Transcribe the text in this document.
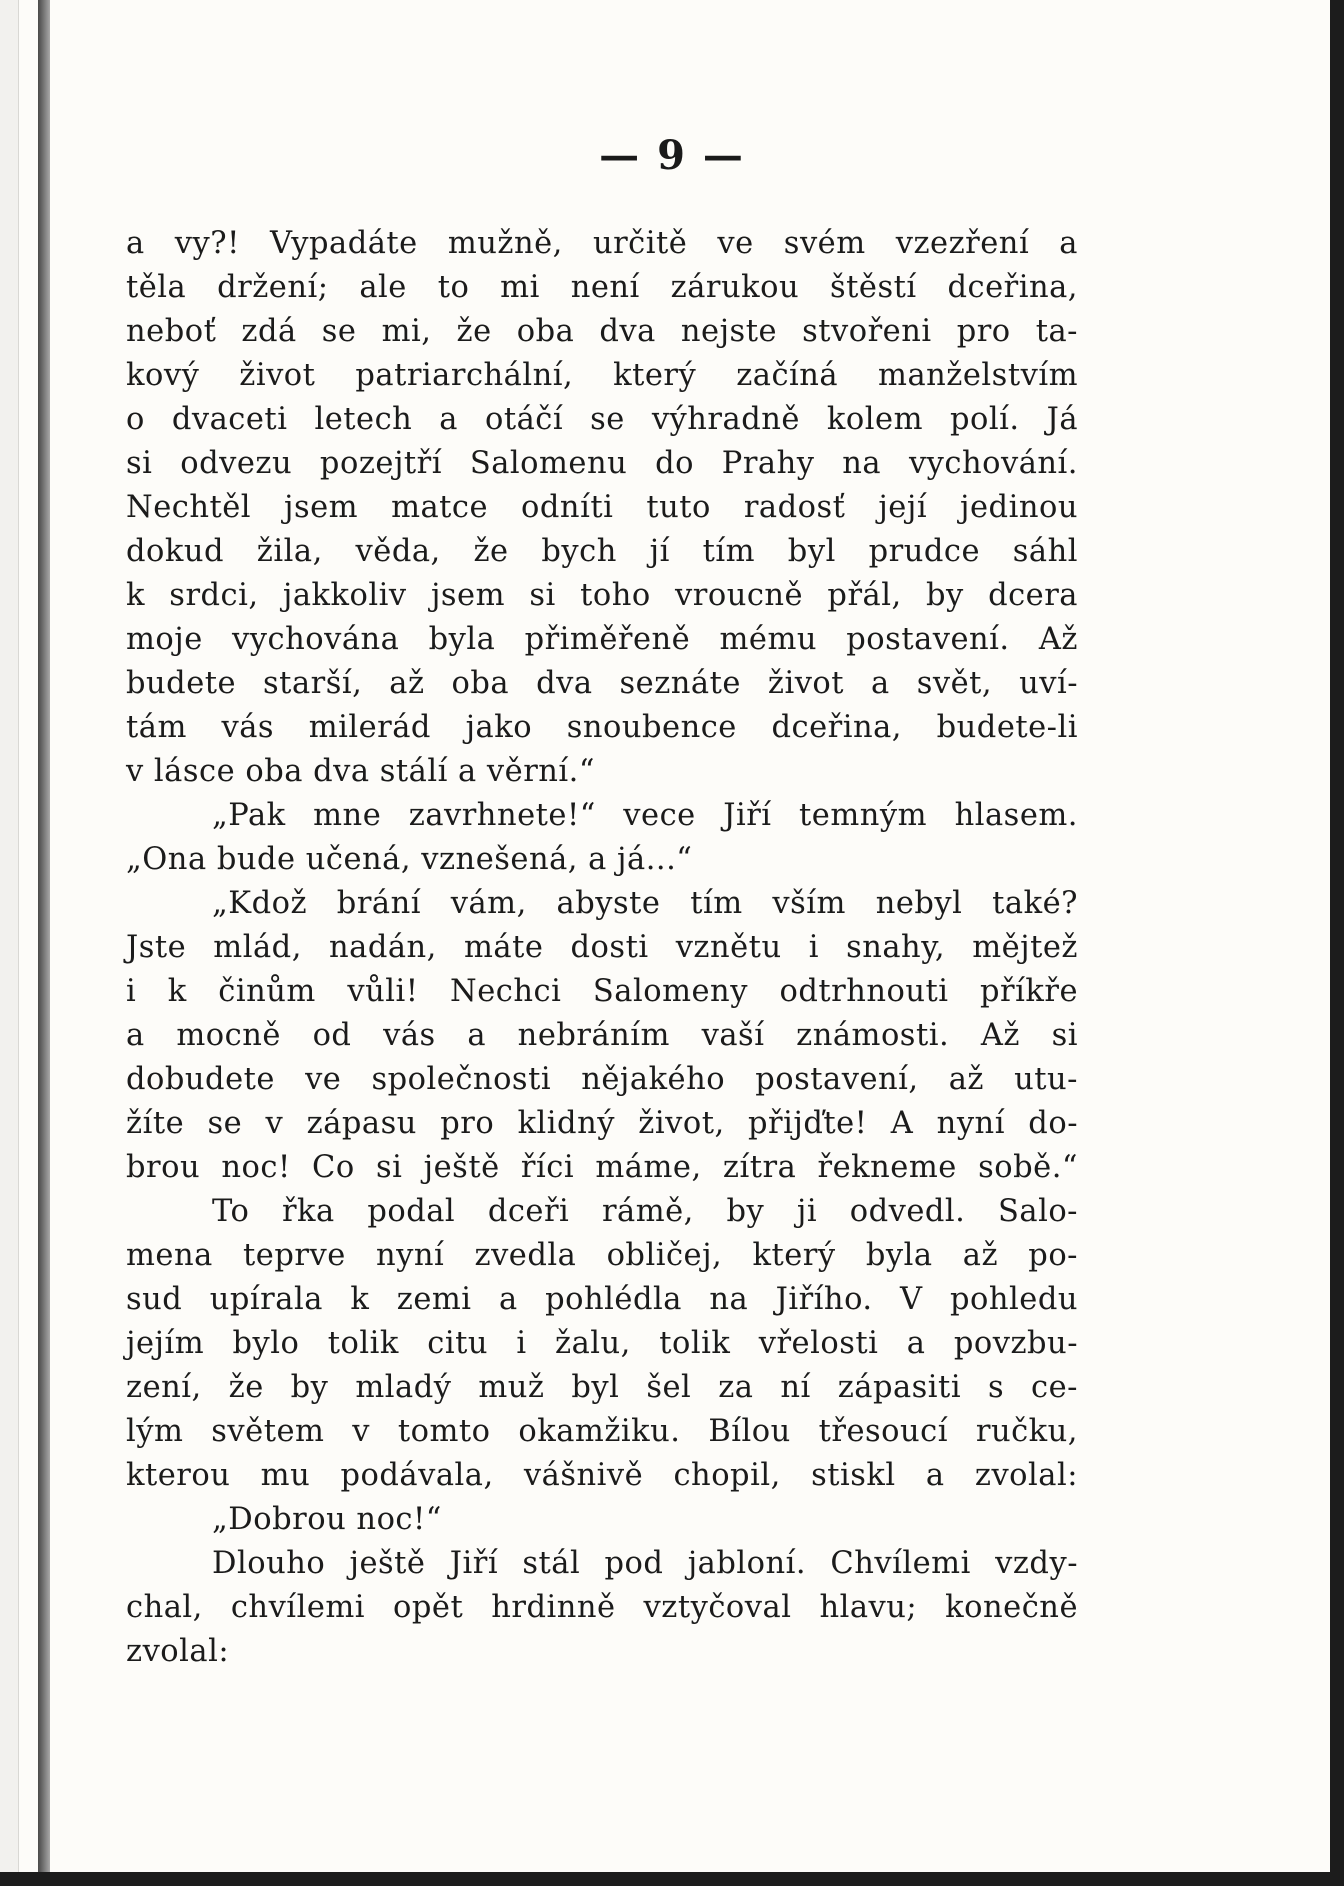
— 9 —
a vy?! Vypadáte mužně, určitě ve svém vzezření a
těla držení; ale to mi není zárukou štěstí dceřina,
neboť zdá se mi, že oba dva nejste stvořeni pro ta-
kový život patriarchální, který začíná manželstvím
o dvaceti letech a otáčí se výhradně kolem polí. Já
si odvezu pozejtří Salomenu do Prahy na vychování.
Nechtěl jsem matce odníti tuto radosť její jedinou
dokud žila, věda, že bych jí tím byl prudce sáhl
k srdci, jakkoliv jsem si toho vroucně přál, by dcera
moje vychována byla přiměřeně mému postavení. Až
budete starší, až oba dva seznáte život a svět, uví-
tám vás milerád jako snoubence dceřina, budete-li
v lásce oba dva stálí a věrní.“
„Pak mne zavrhnete!“ vece Jiří temným hlasem.
„Ona bude učená, vznešená, a já...“
„Kdož brání vám, abyste tím vším nebyl také?
Jste mlád, nadán, máte dosti vznětu i snahy, mějtež
i k činům vůli! Nechci Salomeny odtrhnouti příkře
a mocně od vás a nebráním vaší známosti. Až si
dobudete ve společnosti nějakého postavení, až utu-
žíte se v zápasu pro klidný život, přijďte! A nyní do-
brou noc! Co si ještě říci máme, zítra řekneme sobě.“
To řka podal dceři rámě, by ji odvedl. Salo-
mena teprve nyní zvedla obličej, který byla až po-
sud upírala k zemi a pohlédla na Jiřího. V pohledu
jejím bylo tolik citu i žalu, tolik vřelosti a povzbu-
zení, že by mladý muž byl šel za ní zápasiti s ce-
lým světem v tomto okamžiku. Bílou třesoucí ručku,
kterou mu podávala, vášnivě chopil, stiskl a zvolal:
„Dobrou noc!“
Dlouho ještě Jiří stál pod jabloní. Chvílemi vzdy-
chal, chvílemi opět hrdinně vztyčoval hlavu; konečně
zvolal:
